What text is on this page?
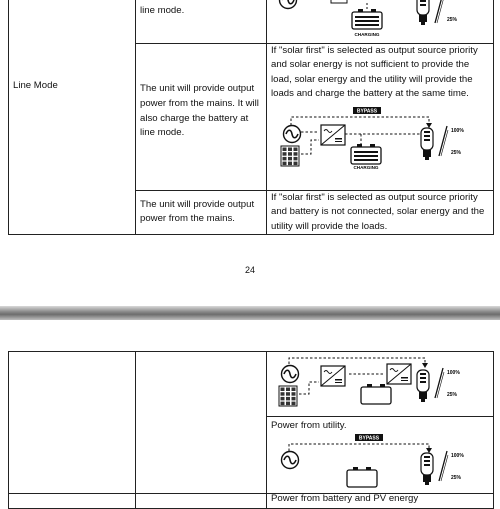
Line Mode	line mode.	CHARGING
25%

	The unit will provide output power from the mains. It will also charge the battery at line mode.	If "solar first" is selected as output source priority and solar energy is not sufficient to provide the load, solar energy and the utility will provide the loads and charge the battery at the same time.
BYPASS
CHARGING
100%
25%

	The unit will provide output power from the mains.	If "solar first" is selected as output source priority and battery is not connected, solar energy and the utility will provide the loads.
24

100%
25%

		Power from utility.
BYPASS
100%
25%

		Power from battery and PV energy
